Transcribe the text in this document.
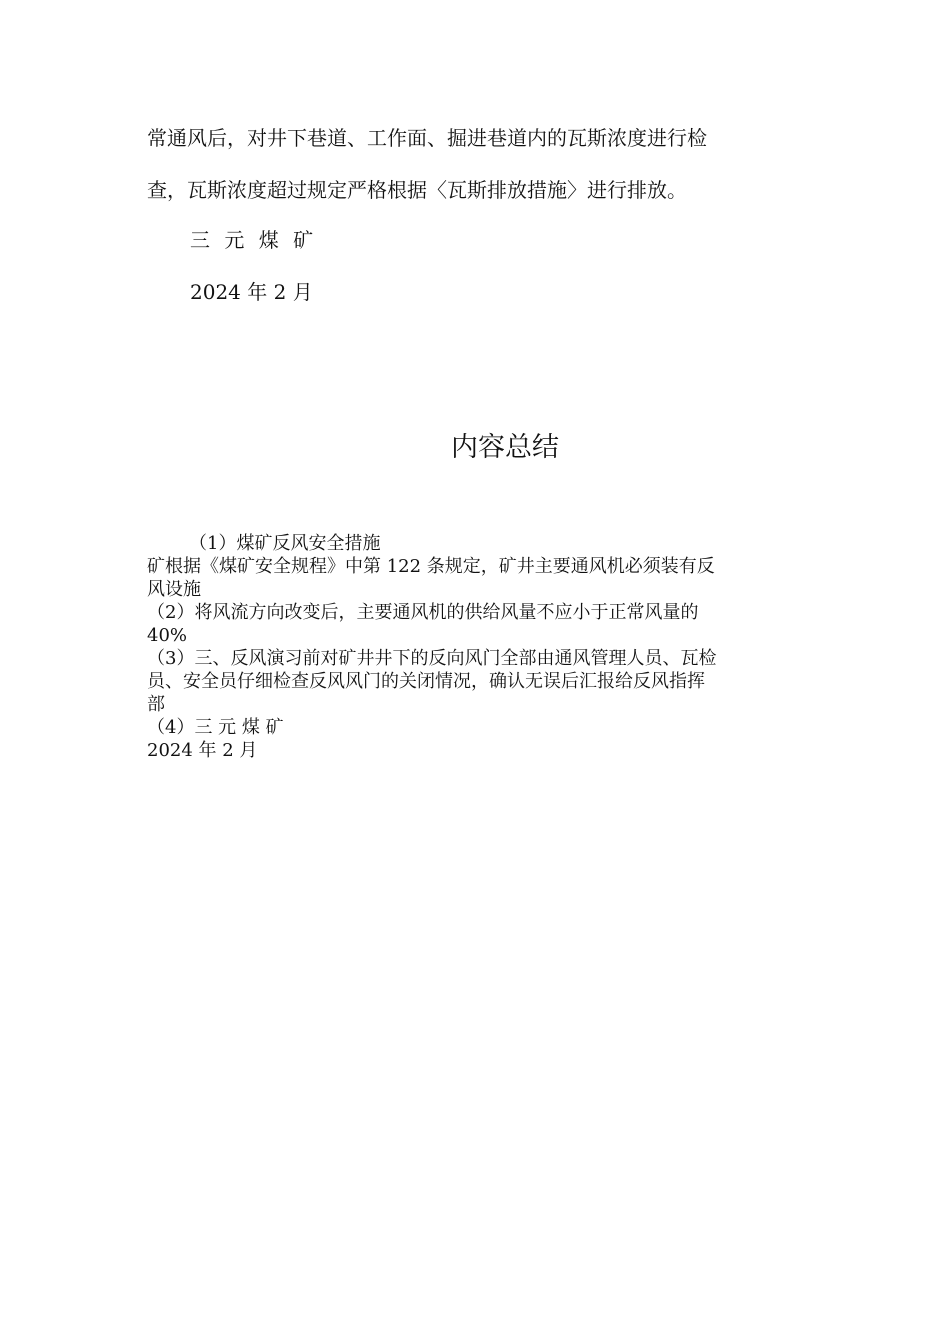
常通风后，对井下巷道、工作面、掘进巷道内的瓦斯浓度进行检

查，瓦斯浓度超过规定严格根据〈瓦斯排放措施〉进行排放。

三 元 煤 矿

2024 年 2 月

内容总结

（1）煤矿反风安全措施

矿根据《煤矿安全规程》中第 122 条规定，矿井主要通风机必须装有反

风设施

（2）将风流方向改变后，主要通风机的供给风量不应小于正常风量的

40%

（3）三、反风演习前对矿井井下的反向风门全部由通风管理人员、瓦检

员、安全员仔细检查反风风门的关闭情况，确认无误后汇报给反风指挥

部

（4）三 元 煤 矿

2024 年 2 月
